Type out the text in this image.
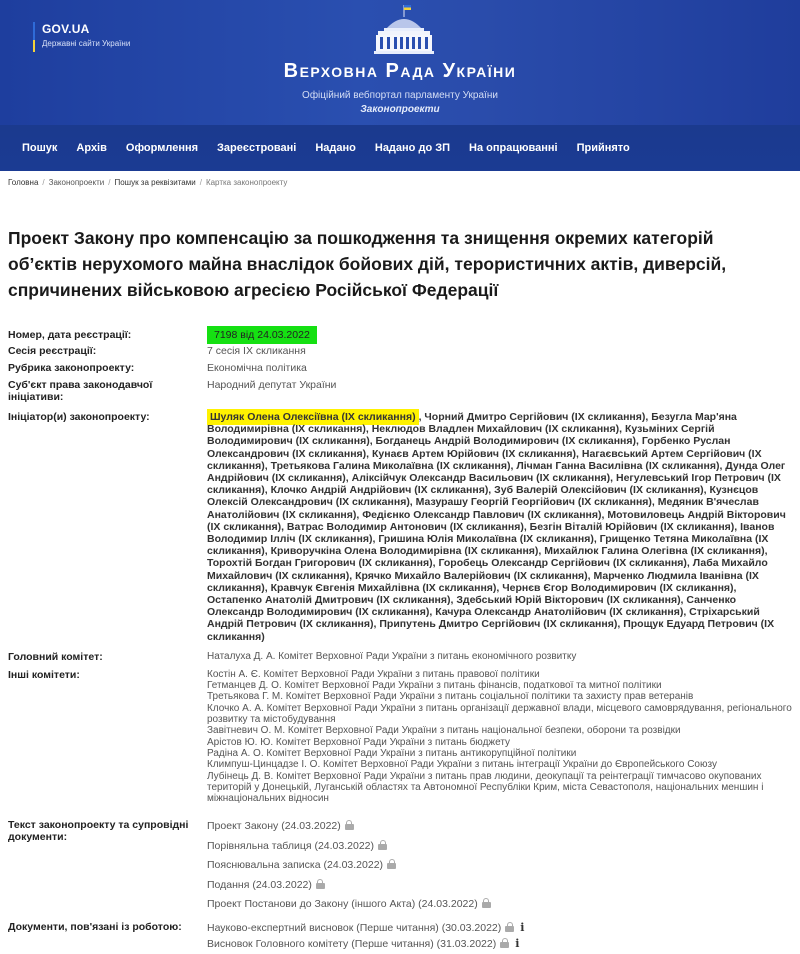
GOV.UA
Державні сайти України
Верховна Рада України
Офіційний вебпортал парламенту України
Законопроекти
Пошук Архів Оформлення Зареєстровані Надано Надано до ЗП На опрацюванні Прийнято
Головна / Законопроекти / Пошук за реквізитами / Картка законопроекту
Проект Закону про компенсацію за пошкодження та знищення окремих категорій об’єктів нерухомого майна внаслідок бойових дій, терористичних актів, диверсій, спричинених військовою агресією Російської Федерації
Номер, дата реєстрації:	7198 від 24.03.2022
Сесія реєстрації:	7 сесія IX скликання
Рубрика законопроекту:	Економічна політика
Суб'єкт права законодавчої ініціативи:
Народний депутат України
Ініціатор(и) законопроекту:	Шуляк Олена Олексіївна (IX скликання) , Чорний Дмитро Сергійович (IX скликання), Безугла Мар'яна Володимирівна (IX скликання), Неклюдов Владлен Михайлович (IX скликання), Кузьміних Сергій Володимирович (IX скликання), Богданець Андрій Володимирович (IX скликання), Горбенко Руслан Олександрович (IX скликання), Кунаєв Артем Юрійович (IX скликання), Нагаєвський Артем Сергійович (IX скликання), Третьякова Галина Миколаївна (IX скликання), Лічман Ганна Василівна (IX скликання), Дунда Олег Андрійович (IX скликання), Аліксійчук Олександр Васильович (IX скликання), Негулевський Ігор Петрович (IX скликання), Клочко Андрій Андрійович (IX скликання), Зуб Валерій Олексійович (IX скликання), Кузнєцов Олексій Олександрович (IX скликання), Мазурашу Георгій Георгійович (IX скликання), Медяник В'ячеслав Анатолійович (IX скликання), Федієнко Олександр Павлович (IX скликання), Мотовиловець Андрій Вікторович (IX скликання), Ватрас Володимир Антонович (IX скликання), Безгін Віталій Юрійович (IX скликання), Іванов Володимир Ілліч (IX скликання), Гришина Юлія Миколаївна (IX скликання), Грищенко Тетяна Миколаївна (IX скликання), Криворучкіна Олена Володимирівна (IX скликання), Михайлюк Галина Олегівна (IX скликання), Торохтій Богдан Григорович (IX скликання), Горобець Олександр Сергійович (IX скликання), Лаба Михайло Михайлович (IX скликання), Крячко Михайло Валерійович (IX скликання), Марченко Людмила Іванівна (IX скликання), Кравчук Євгенія Михайлівна (IX скликання), Чернєв Єгор Володимирович (IX скликання), Остапенко Анатолій Дмитрович (IX скликання), Здебський Юрій Вікторович (IX скликання), Санченко Олександр Володимирович (IX скликання), Качура Олександр Анатолійович (IX скликання), Стріхарський Андрій Петрович (IX скликання), Припутень Дмитро Сергійович (IX скликання), Прощук Едуард Петрович (IX скликання)
Головний комітет:	Наталуха Д. А. Комітет Верховної Ради України з питань економічного розвитку
Інші комітети:	Костін А. Є. Комітет Верховної Ради України з питань правової політики
Гетманцев Д. О. Комітет Верховної Ради України з питань фінансів, податкової та митної політики
Третьякова Г. М. Комітет Верховної Ради України з питань соціальної політики та захисту прав ветеранів
Клочко А. А. Комітет Верховної Ради України з питань організації державної влади, місцевого самоврядування, регіонального розвитку та містобудування
Завітневич О. М. Комітет Верховної Ради України з питань національної безпеки, оборони та розвідки
Арістов Ю. Ю. Комітет Верховної Ради України з питань бюджету
Радіна А. О. Комітет Верховної Ради України з питань антикорупційної політики
Климпуш-Цинцадзе І. О. Комітет Верховної Ради України з питань інтеграції України до Європейського Союзу
Лубінець Д. В. Комітет Верховної Ради України з питань прав людини, деокупації та реінтеграції тимчасово окупованих територій у Донецькій, Луганській областях та Автономної Республіки Крим, міста Севастополя, національних меншин і міжнаціональних відносин
Текст законопроекту та супровідні документи:
Проект Закону (24.03.2022)
Порівняльна таблиця (24.03.2022)
Пояснювальна записка (24.03.2022)
Подання (24.03.2022)
Проект Постанови до Закону (іншого Акта) (24.03.2022)
Документи, пов'язані із роботою:	Науково-експертний висновок (Перше читання) (30.03.2022) i
Висновок Головного комітету (Перше читання) (31.03.2022) i
